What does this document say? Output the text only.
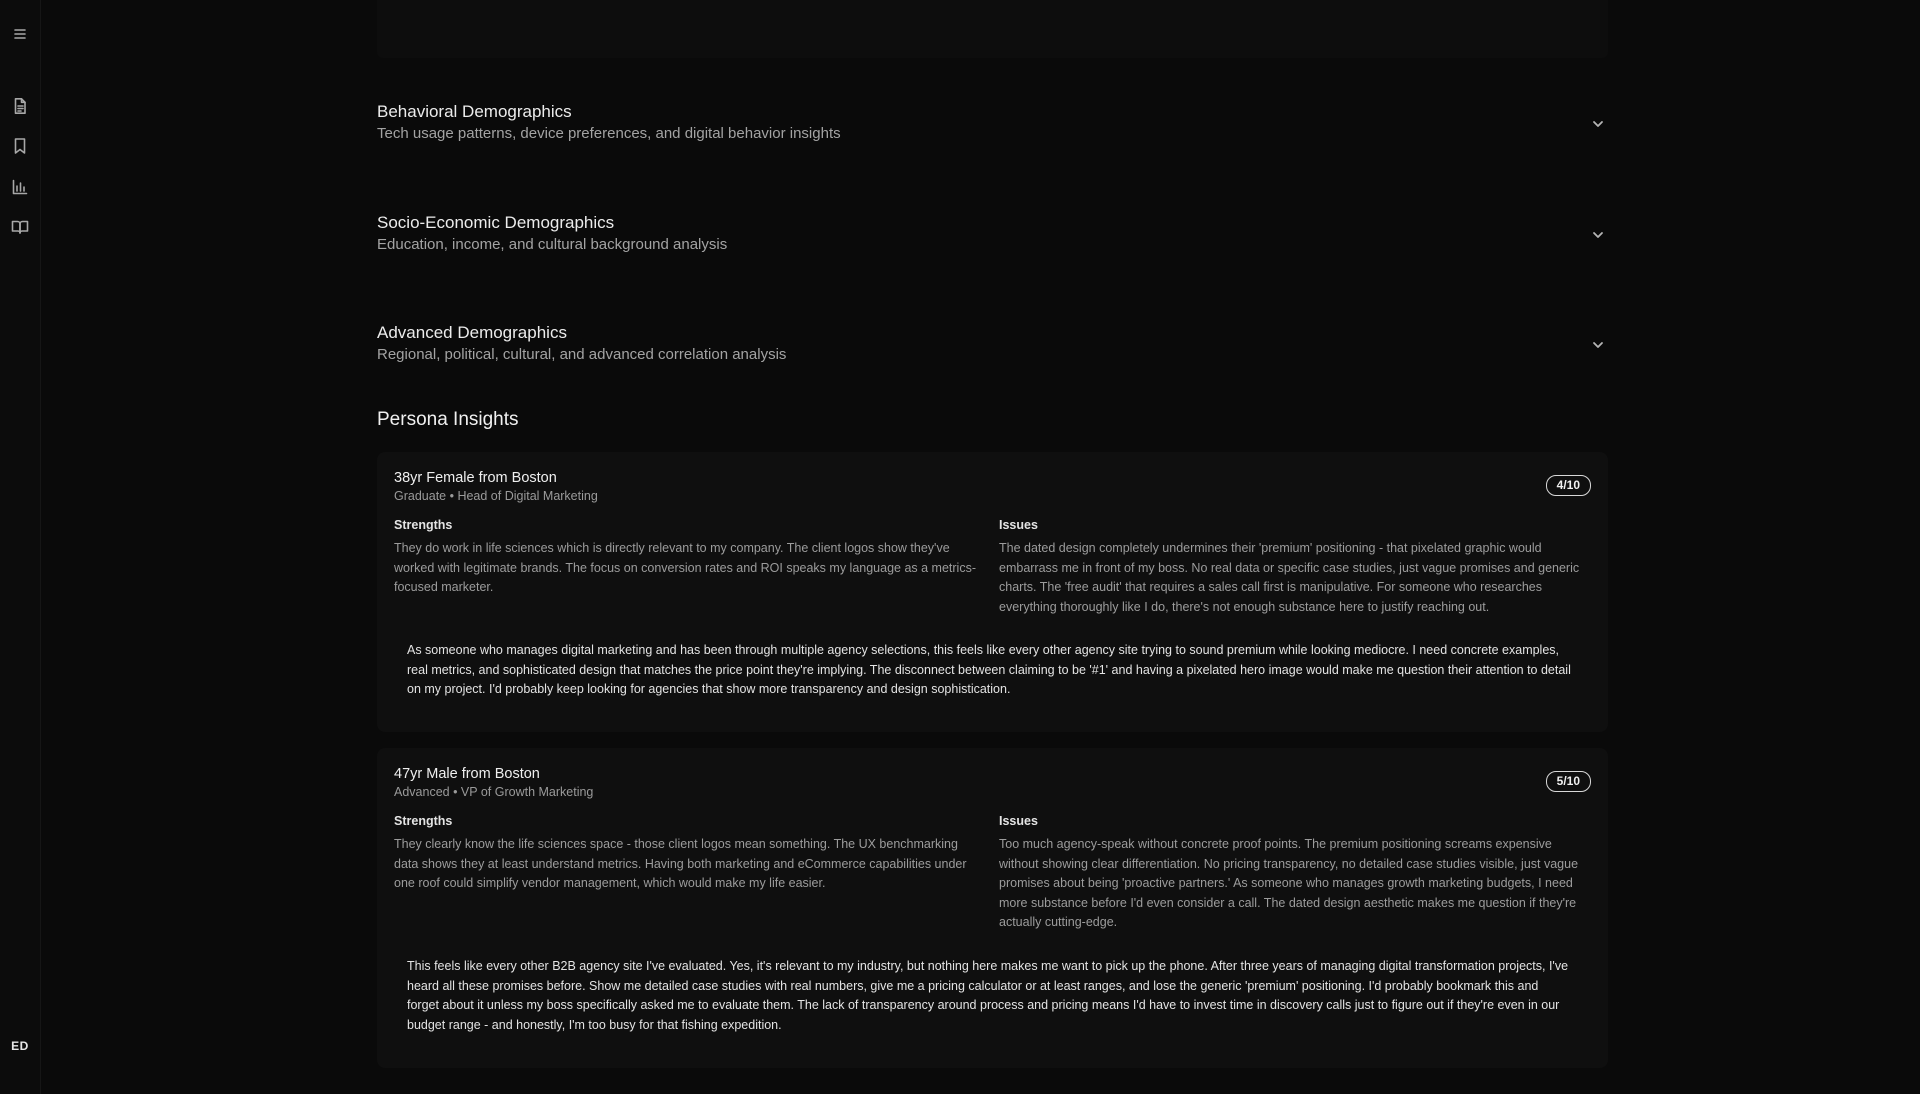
ED
Behavioral Demographics
Tech usage patterns, device preferences, and digital behavior insights
Socio-Economic Demographics
Education, income, and cultural background analysis
Advanced Demographics
Regional, political, cultural, and advanced correlation analysis
Persona Insights
38yr Female from Boston
Graduate • Head of Digital Marketing
4/10
Strengths
They do work in life sciences which is directly relevant to my company. The client logos show they've worked with legitimate brands. The focus on conversion rates and ROI speaks my language as a metrics-focused marketer.
Issues
The dated design completely undermines their 'premium' positioning - that pixelated graphic would embarrass me in front of my boss. No real data or specific case studies, just vague promises and generic charts. The 'free audit' that requires a sales call first is manipulative. For someone who researches everything thoroughly like I do, there's not enough substance here to justify reaching out.
As someone who manages digital marketing and has been through multiple agency selections, this feels like every other agency site trying to sound premium while looking mediocre. I need concrete examples, real metrics, and sophisticated design that matches the price point they're implying. The disconnect between claiming to be '#1' and having a pixelated hero image would make me question their attention to detail on my project. I'd probably keep looking for agencies that show more transparency and design sophistication.
47yr Male from Boston
Advanced • VP of Growth Marketing
5/10
Strengths
They clearly know the life sciences space - those client logos mean something. The UX benchmarking data shows they at least understand metrics. Having both marketing and eCommerce capabilities under one roof could simplify vendor management, which would make my life easier.
Issues
Too much agency-speak without concrete proof points. The premium positioning screams expensive without showing clear differentiation. No pricing transparency, no detailed case studies visible, just vague promises about being 'proactive partners.' As someone who manages growth marketing budgets, I need more substance before I'd even consider a call. The dated design aesthetic makes me question if they're actually cutting-edge.
This feels like every other B2B agency site I've evaluated. Yes, it's relevant to my industry, but nothing here makes me want to pick up the phone. After three years of managing digital transformation projects, I've heard all these promises before. Show me detailed case studies with real numbers, give me a pricing calculator or at least ranges, and lose the generic 'premium' positioning. I'd probably bookmark this and forget about it unless my boss specifically asked me to evaluate them. The lack of transparency around process and pricing means I'd have to invest time in discovery calls just to figure out if they're even in our budget range - and honestly, I'm too busy for that fishing expedition.
